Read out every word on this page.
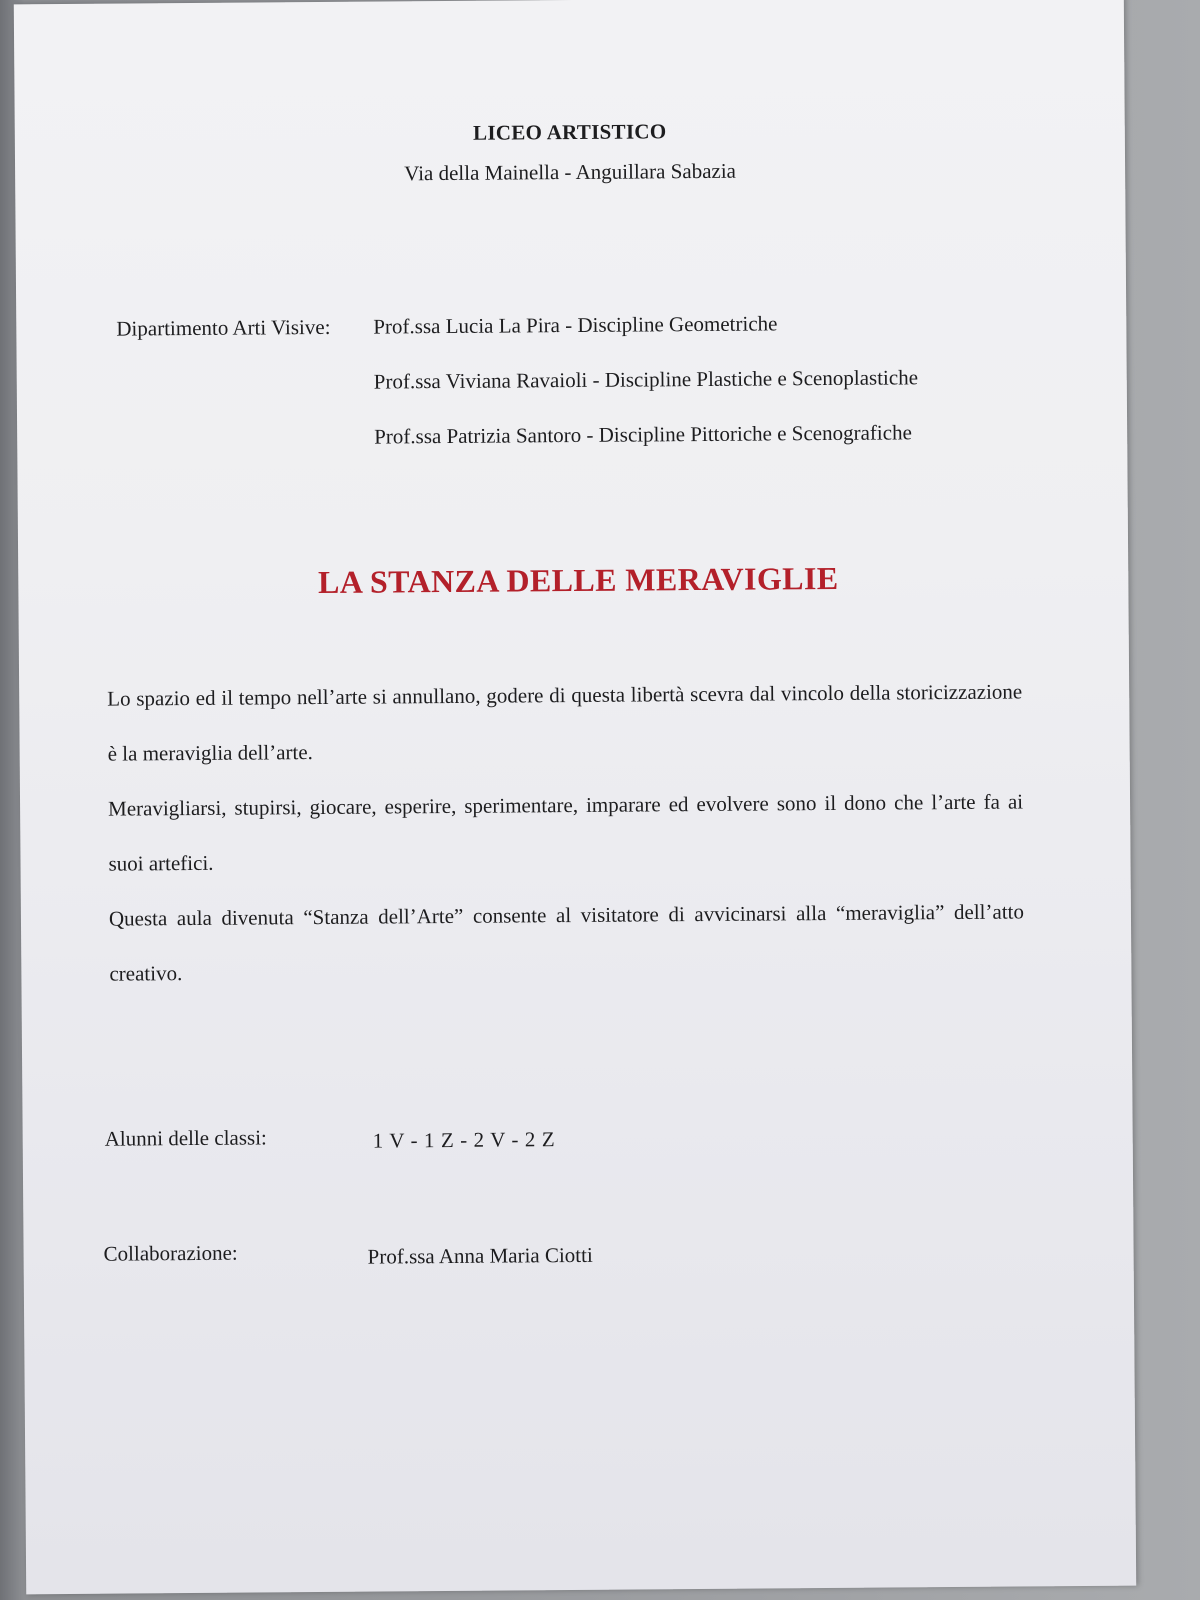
LICEO ARTISTICO
Via della Mainella - Anguillara Sabazia
Dipartimento Arti Visive: Prof.ssa Lucia La Pira - Discipline Geometriche
Prof.ssa Viviana Ravaioli - Discipline Plastiche e Scenoplastiche
Prof.ssa Patrizia Santoro - Discipline Pittoriche e Scenografiche
LA STANZA DELLE MERAVIGLIE

Lo spazio ed il tempo nell’arte si annullano, godere di questa libertà scevra dal vincolo della storicizzazione è la meraviglia dell’arte.

Meravigliarsi, stupirsi, giocare, esperire, sperimentare, imparare ed evolvere sono il dono che l’arte fa ai suoi artefici.

Questa aula divenuta “Stanza dell’Arte” consente al visitatore di avvicinarsi alla “meraviglia” dell’atto creativo.

Alunni delle classi:	1 V - 1 Z - 2 V - 2 Z
Collaborazione:	Prof.ssa Anna Maria Ciotti
